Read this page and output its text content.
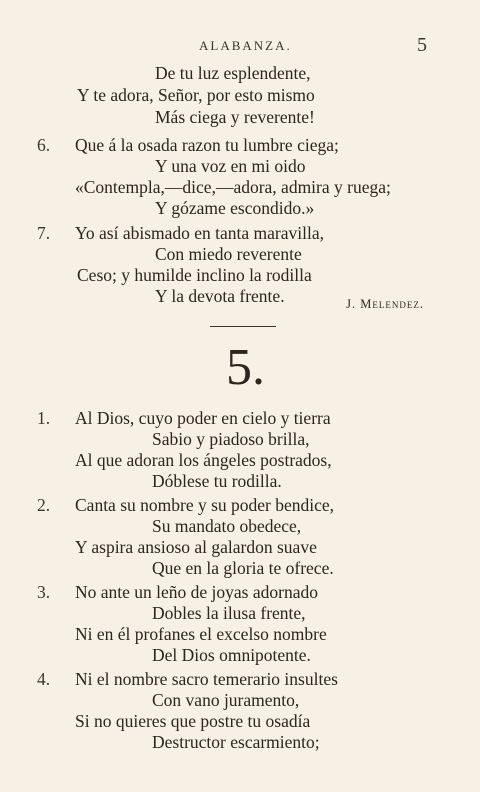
ALABANZA.	5
De tu luz esplendente,
Y te adora, Señor, por esto mismo
Más ciega y reverente!
6. Que á la osada razon tu lumbre ciega;
Y una voz en mi oido
«Contempla,—dice,—adora, admira y ruega;
Y gózame escondido.»
7. Yo así abismado en tanta maravilla,
Con miedo reverente
Ceso; y humilde inclino la rodilla
Y la devota frente.	J. Melendez.
5.
1. Al Dios, cuyo poder en cielo y tierra
Sabio y piadoso brilla,
Al que adoran los ángeles postrados,
Dóblese tu rodilla.
2. Canta su nombre y su poder bendice,
Su mandato obedece,
Y aspira ansioso al galardon suave
Que en la gloria te ofrece.
3. No ante un leño de joyas adornado
Dobles la ilusa frente,
Ni en él profanes el excelso nombre
Del Dios omnipotente.
4. Ni el nombre sacro temerario insultes
Con vano juramento,
Si no quieres que postre tu osadía
Destructor escarmiento;
